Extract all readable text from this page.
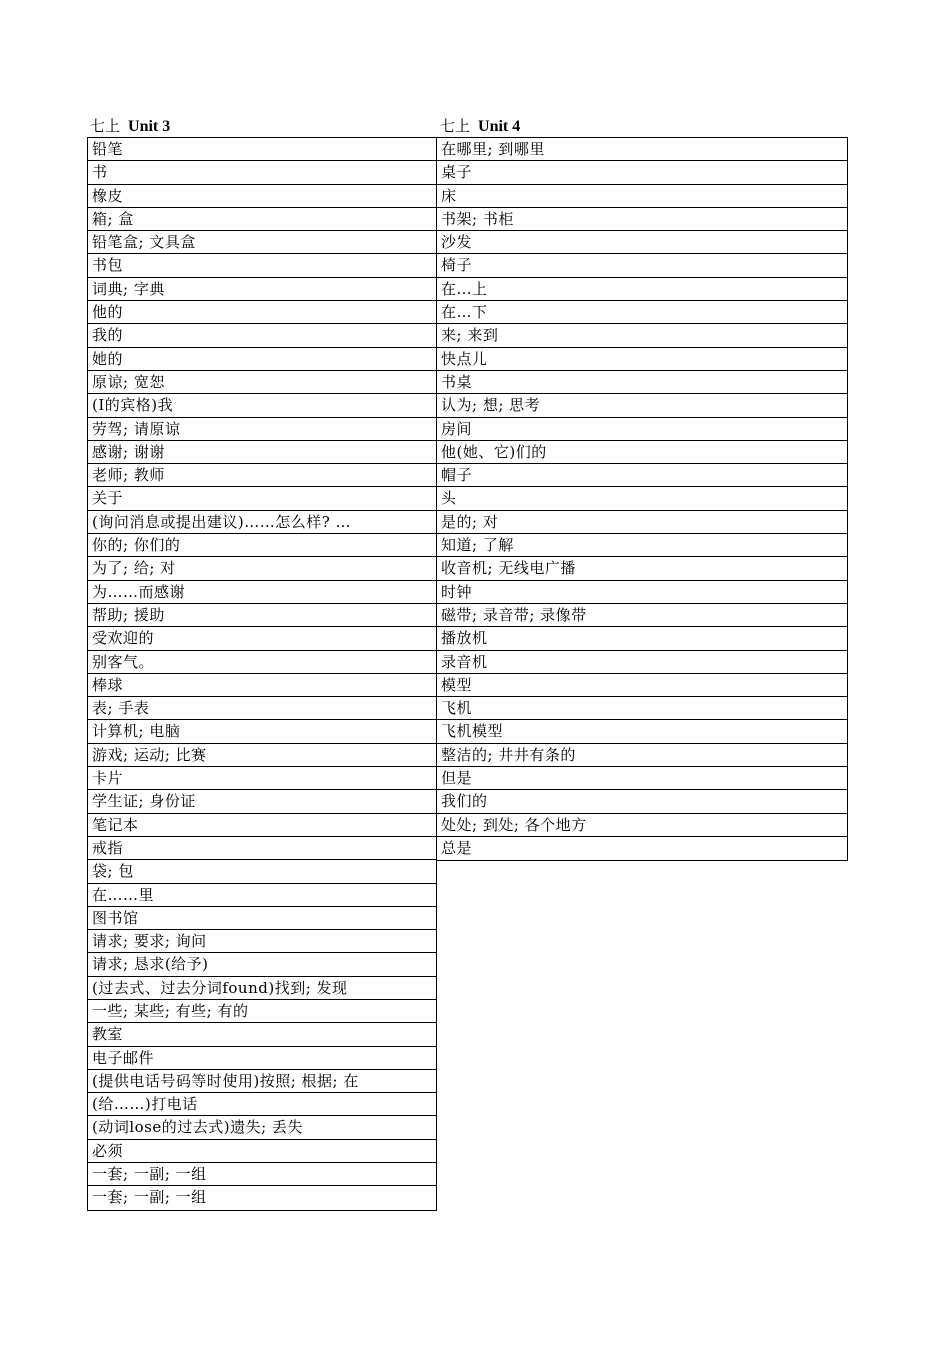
七上 Unit 3
铅笔
书
橡皮
箱; 盒
铅笔盒; 文具盒
书包
词典; 字典
他的
我的
她的
原谅; 宽恕
(I的宾格)我
劳驾; 请原谅
感谢; 谢谢
老师; 教师
关于
(询问消息或提出建议)……怎么样? …
你的; 你们的
为了; 给; 对
为……而感谢
帮助; 援助
受欢迎的
别客气。
棒球
表; 手表
计算机; 电脑
游戏; 运动; 比赛
卡片
学生证; 身份证
笔记本
戒指
袋; 包
在……里
图书馆
请求; 要求; 询问
请求; 恳求(给予)
(过去式、过去分词found)找到; 发现
一些; 某些; 有些; 有的
教室
电子邮件
(提供电话号码等时使用)按照; 根据; 在
(给……)打电话
(动词lose的过去式)遗失; 丢失
必须
一套; 一副; 一组
一套; 一副; 一组
七上 Unit 4
在哪里; 到哪里
桌子
床
书架; 书柜
沙发
椅子
在…上
在…下
来; 来到
快点儿
书桌
认为; 想; 思考
房间
他(她、它)们的
帽子
头
是的; 对
知道; 了解
收音机; 无线电广播
时钟
磁带; 录音带; 录像带
播放机
录音机
模型
飞机
飞机模型
整洁的; 井井有条的
但是
我们的
处处; 到处; 各个地方
总是
